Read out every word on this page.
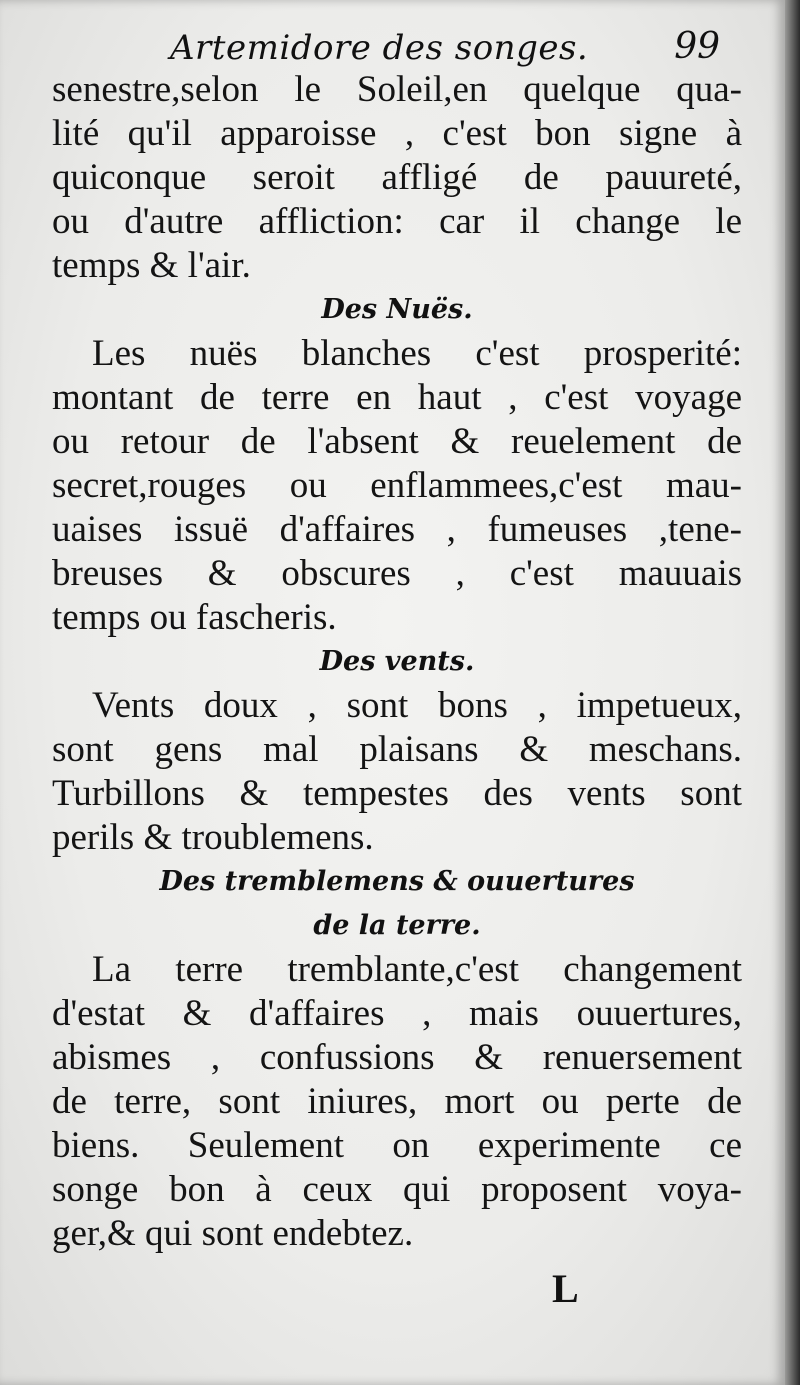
Artemidore des songes. 99
senestre,selon le Soleil,en quelque qua-
lité qu'il apparoisse , c'est bon signe à
quiconque seroit affligé de pauureté,
ou d'autre affliction: car il change le
temps & l'air.
Des Nuës.
Les nuës blanches c'est prosperité:
montant de terre en haut , c'est voyage
ou retour de l'absent & reuelement de
secret,rouges ou enflammees,c'est mau-
uaises issuë d'affaires , fumeuses ,tene-
breuses & obscures , c'est mauuais
temps ou fascheris.
Des vents.
Vents doux , sont bons , impetueux,
sont gens mal plaisans & meschans.
Turbillons & tempestes des vents sont
perils & troublemens.
Des tremblemens & ouuertures
de la terre.
La terre tremblante,c'est changement
d'estat & d'affaires , mais ouuertures,
abismes , confussions & renuersement
de terre, sont iniures, mort ou perte de
biens. Seulement on experimente ce
songe bon à ceux qui proposent voya-
ger,& qui sont endebtez.
L
